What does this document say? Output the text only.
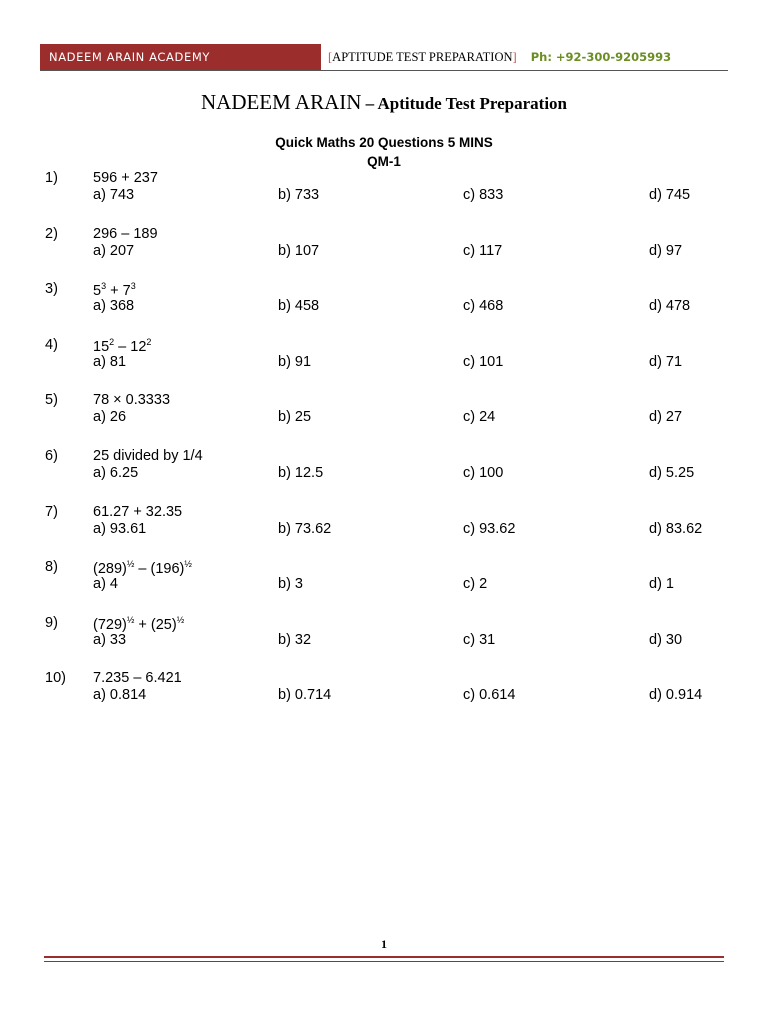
NADEEM ARAIN ACADEMY	[APTITUDE TEST PREPARATION] Ph: +92-300-9205993
NADEEM ARAIN – Aptitude Test Preparation
Quick Maths 20 Questions 5 MINS
QM-1
1) 596 + 237
a) 743	b) 733	c) 833	d) 745
2) 296 – 189
a) 207	b) 107	c) 117	d) 97
3) $5^3 + 7^3$
a) 368	b) 458	c) 468	d) 478
4) $15^2 - 12^2$
a) 81	b) 91	c) 101	d) 71
5) 78 × 0.3333
a) 26	b) 25	c) 24	d) 27
6) 25 divided by 1/4
a) 6.25	b) 12.5	c) 100	d) 5.25
7) 61.27 + 32.35
a) 93.61	b) 73.62	c) 93.62	d) 83.62
8) $(289)^{\frac{1}{2}} - (196)^{\frac{1}{2}}$
a) 4	b) 3	c) 2	d) 1
9) $(729)^{\frac{1}{2}} + (25)^{\frac{1}{2}}$
a) 33	b) 32	c) 31	d) 30
10) 7.235 – 6.421
a) 0.814	b) 0.714	c) 0.614	d) 0.914
1
